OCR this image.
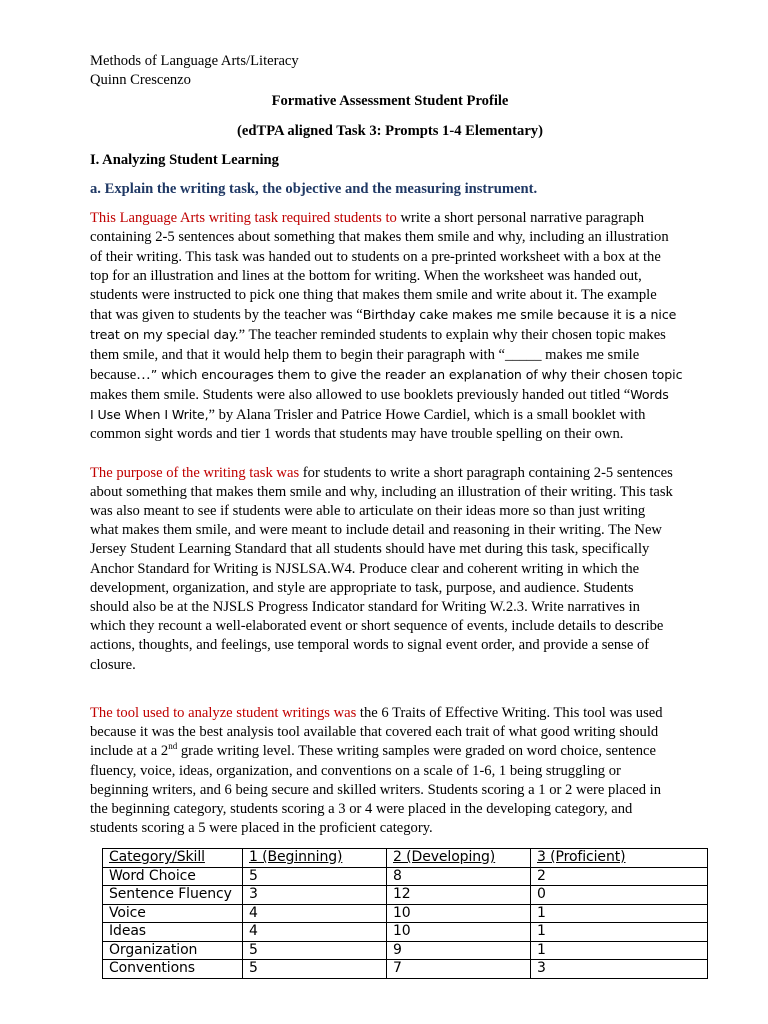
Methods of Language Arts/Literacy
Quinn Crescenzo
Formative Assessment Student Profile
(edTPA aligned Task 3: Prompts 1-4 Elementary)
I. Analyzing Student Learning
a. Explain the writing task, the objective and the measuring instrument.
This Language Arts writing task required students to write a short personal narrative paragraph
containing 2-5 sentences about something that makes them smile and why, including an illustration
of their writing. This task was handed out to students on a pre-printed worksheet with a box at the
top for an illustration and lines at the bottom for writing. When the worksheet was handed out,
students were instructed to pick one thing that makes them smile and write about it. The example
that was given to students by the teacher was “Birthday cake makes me smile because it is a nice
treat on my special day.” The teacher reminded students to explain why their chosen topic makes
them smile, and that it would help them to begin their paragraph with “_____ makes me smile
because…” which encourages them to give the reader an explanation of why their chosen topic
makes them smile. Students were also allowed to use booklets previously handed out titled “Words
I Use When I Write,” by Alana Trisler and Patrice Howe Cardiel, which is a small booklet with
common sight words and tier 1 words that students may have trouble spelling on their own.
The purpose of the writing task was for students to write a short paragraph containing 2-5 sentences
about something that makes them smile and why, including an illustration of their writing. This task
was also meant to see if students were able to articulate on their ideas more so than just writing
what makes them smile, and were meant to include detail and reasoning in their writing. The New
Jersey Student Learning Standard that all students should have met during this task, specifically
Anchor Standard for Writing is NJSLSA.W4. Produce clear and coherent writing in which the
development, organization, and style are appropriate to task, purpose, and audience. Students
should also be at the NJSLS Progress Indicator standard for Writing W.2.3. Write narratives in
which they recount a well-elaborated event or short sequence of events, include details to describe
actions, thoughts, and feelings, use temporal words to signal event order, and provide a sense of
closure.
The tool used to analyze student writings was the 6 Traits of Effective Writing. This tool was used
because it was the best analysis tool available that covered each trait of what good writing should
include at a 2nd grade writing level. These writing samples were graded on word choice, sentence
fluency, voice, ideas, organization, and conventions on a scale of 1-6, 1 being struggling or
beginning writers, and 6 being secure and skilled writers. Students scoring a 1 or 2 were placed in
the beginning category, students scoring a 3 or 4 were placed in the developing category, and
students scoring a 5 were placed in the proficient category.
Category/Skill	1 (Beginning)	2 (Developing)	3 (Proficient)
Word Choice	5	8	2
Sentence Fluency	3	12	0
Voice	4	10	1
Ideas	4	10	1
Organization	5	9	1
Conventions	5	7	3
